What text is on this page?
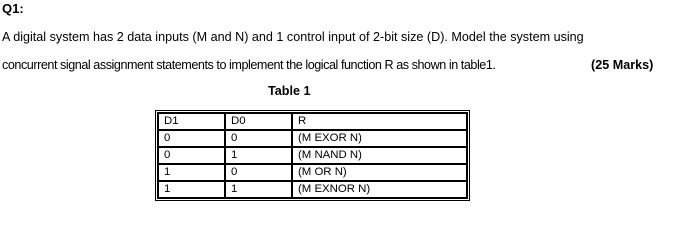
Q1:
A digital system has 2 data inputs (M and N) and 1 control input of 2-bit size (D). Model the system using
concurrent signal assignment statements to implement the logical function R as shown in table1.	(25 Marks)
Table 1
D1	D0	R
0	0	(M EXOR N)
0	1	(M NAND N)
1	0	(M OR N)
1	1	(M EXNOR N)
